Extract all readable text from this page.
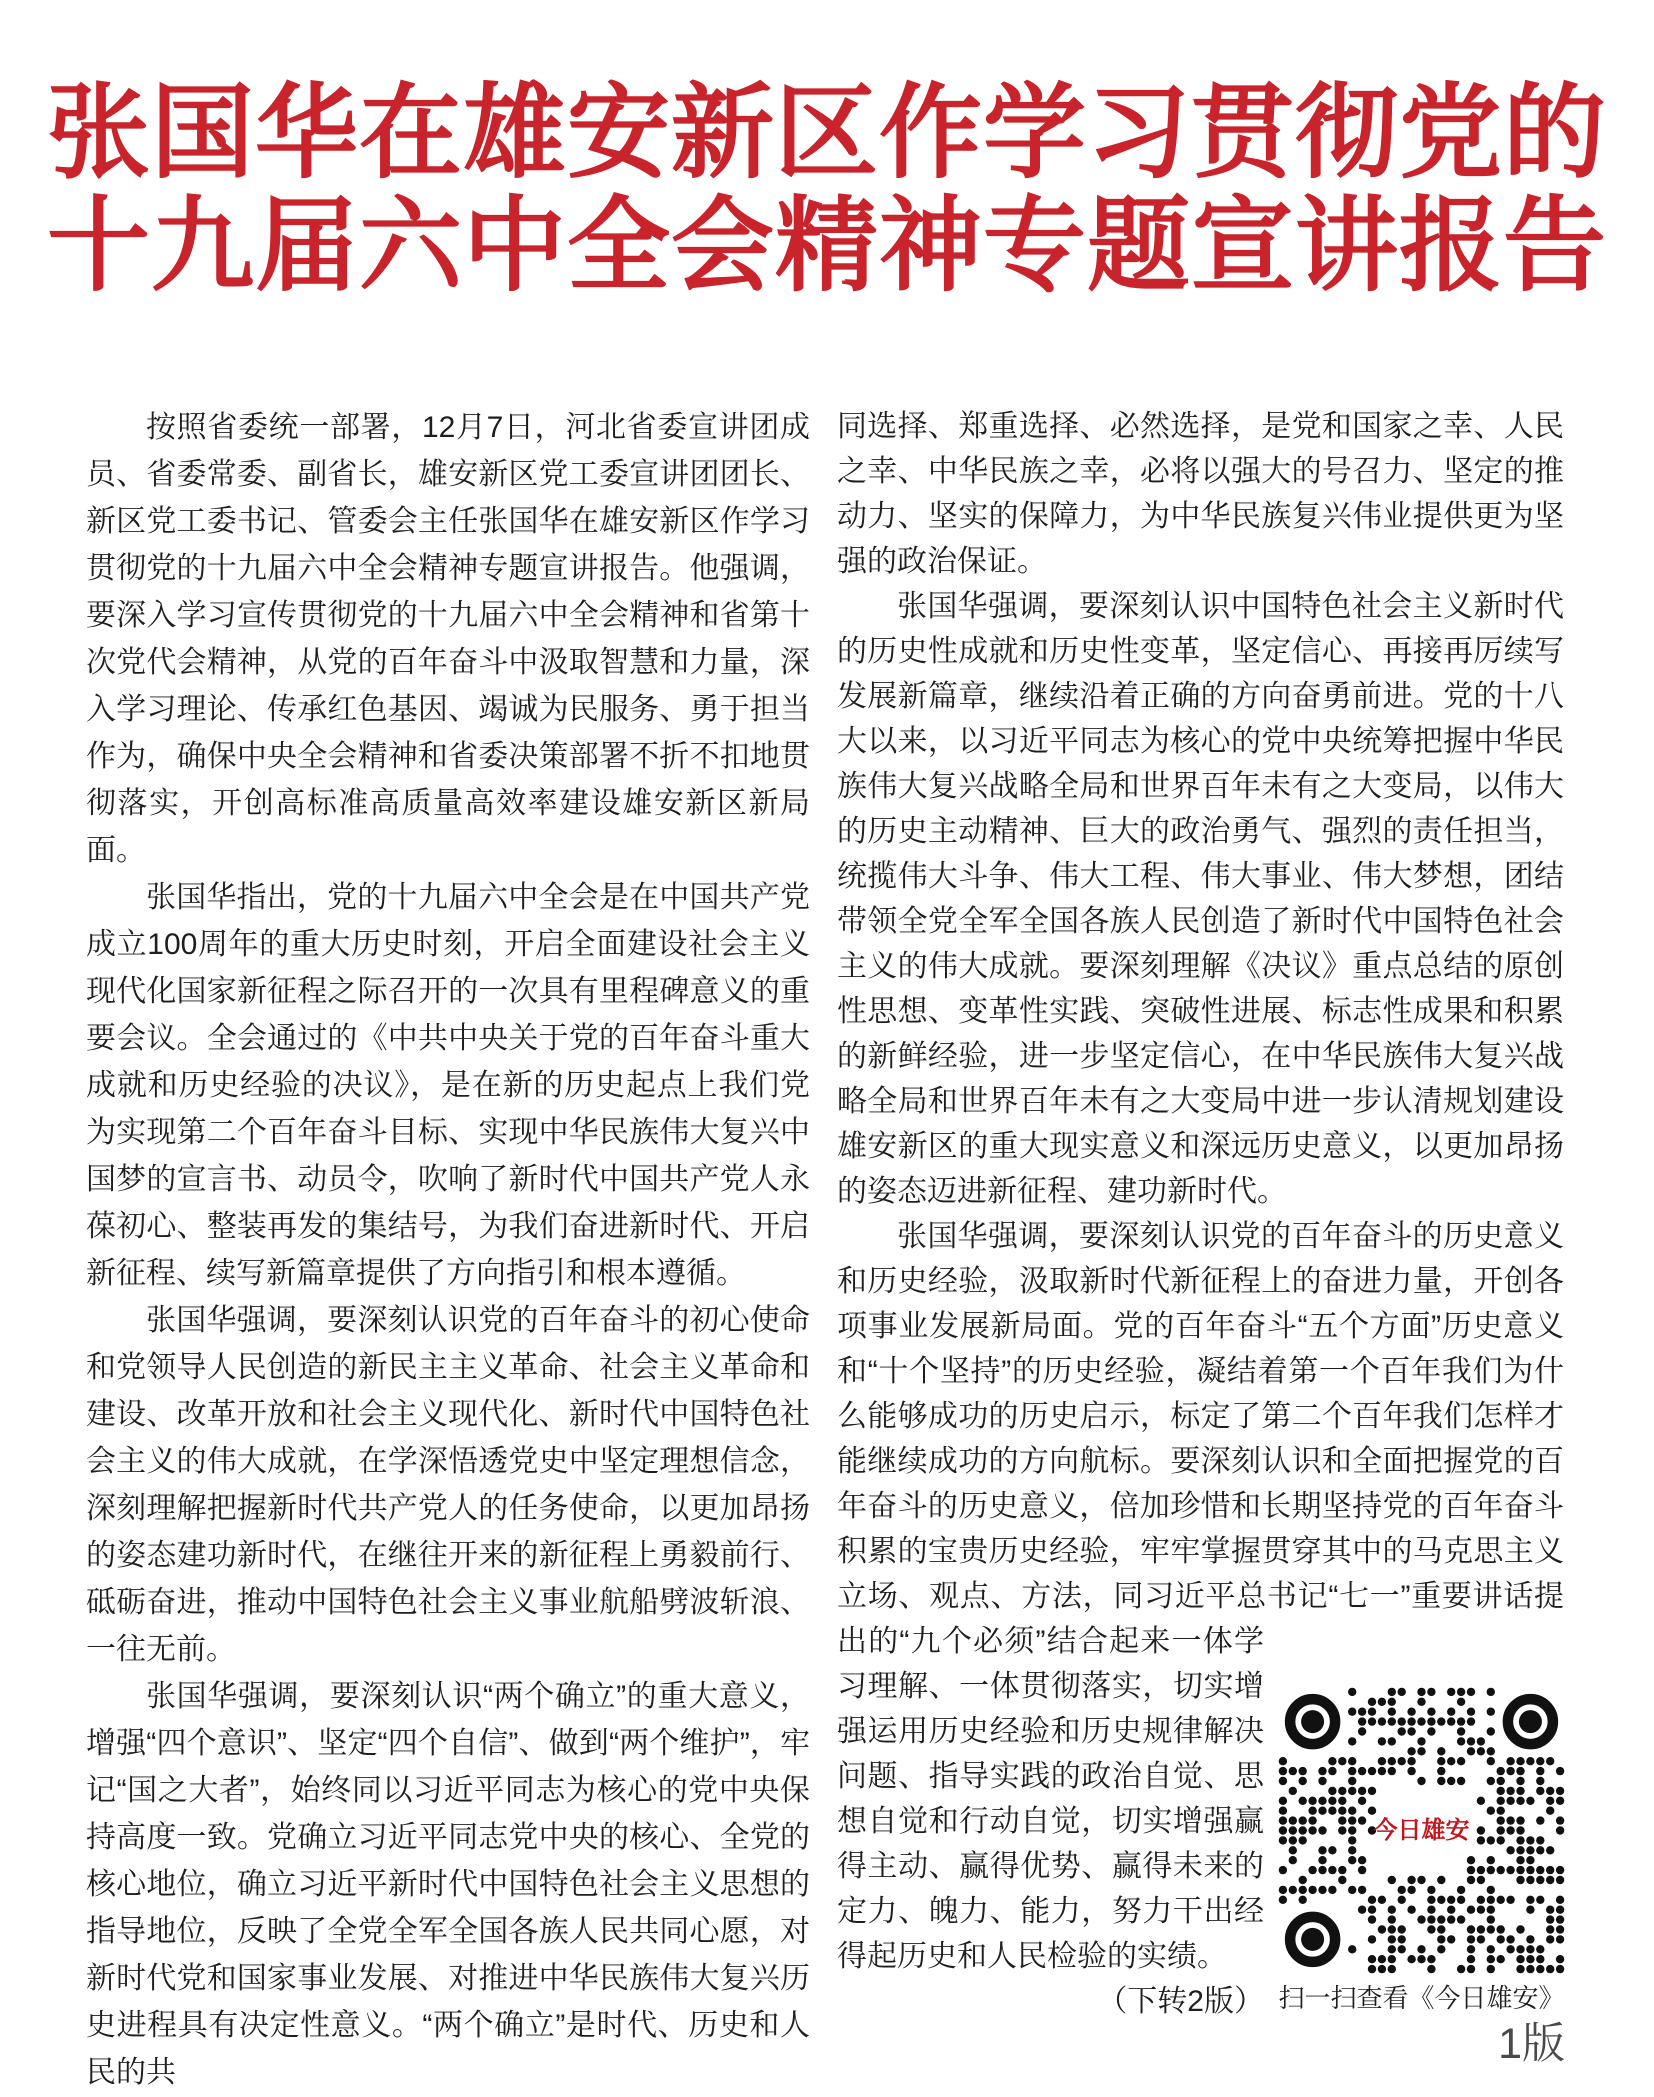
张国华在雄安新区作学习贯彻党的
十九届六中全会精神专题宣讲报告

按照省委统一部署，12月7日，河北省委宣讲团成员、省委常委、副省长，雄安新区党工委宣讲团团长、新区党工委书记、管委会主任张国华在雄安新区作学习贯彻党的十九届六中全会精神专题宣讲报告。他强调，要深入学习宣传贯彻党的十九届六中全会精神和省第十次党代会精神，从党的百年奋斗中汲取智慧和力量，深入学习理论、传承红色基因、竭诚为民服务、勇于担当作为，确保中央全会精神和省委决策部署不折不扣地贯彻落实，开创高标准高质量高效率建设雄安新区新局面。

张国华指出，党的十九届六中全会是在中国共产党成立100周年的重大历史时刻，开启全面建设社会主义现代化国家新征程之际召开的一次具有里程碑意义的重要会议。全会通过的《中共中央关于党的百年奋斗重大成就和历史经验的决议》，是在新的历史起点上我们党为实现第二个百年奋斗目标、实现中华民族伟大复兴中国梦的宣言书、动员令，吹响了新时代中国共产党人永葆初心、整装再发的集结号，为我们奋进新时代、开启新征程、续写新篇章提供了方向指引和根本遵循。

张国华强调，要深刻认识党的百年奋斗的初心使命和党领导人民创造的新民主主义革命、社会主义革命和建设、改革开放和社会主义现代化、新时代中国特色社会主义的伟大成就，在学深悟透党史中坚定理想信念，深刻理解把握新时代共产党人的任务使命，以更加昂扬的姿态建功新时代，在继往开来的新征程上勇毅前行、砥砺奋进，推动中国特色社会主义事业航船劈波斩浪、一往无前。

张国华强调，要深刻认识“两个确立”的重大意义，增强“四个意识”、坚定“四个自信”、做到“两个维护”，牢记“国之大者”，始终同以习近平同志为核心的党中央保持高度一致。党确立习近平同志党中央的核心、全党的核心地位，确立习近平新时代中国特色社会主义思想的指导地位，反映了全党全军全国各族人民共同心愿，对新时代党和国家事业发展、对推进中华民族伟大复兴历史进程具有决定性意义。“两个确立”是时代、历史和人民的共

同选择、郑重选择、必然选择，是党和国家之幸、人民之幸、中华民族之幸，必将以强大的号召力、坚定的推动力、坚实的保障力，为中华民族复兴伟业提供更为坚强的政治保证。

张国华强调，要深刻认识中国特色社会主义新时代的历史性成就和历史性变革，坚定信心、再接再厉续写发展新篇章，继续沿着正确的方向奋勇前进。党的十八大以来，以习近平同志为核心的党中央统筹把握中华民族伟大复兴战略全局和世界百年未有之大变局，以伟大的历史主动精神、巨大的政治勇气、强烈的责任担当，统揽伟大斗争、伟大工程、伟大事业、伟大梦想，团结带领全党全军全国各族人民创造了新时代中国特色社会主义的伟大成就。要深刻理解《决议》重点总结的原创性思想、变革性实践、突破性进展、标志性成果和积累的新鲜经验，进一步坚定信心，在中华民族伟大复兴战略全局和世界百年未有之大变局中进一步认清规划建设雄安新区的重大现实意义和深远历史意义，以更加昂扬的姿态迈进新征程、建功新时代。

张国华强调，要深刻认识党的百年奋斗的历史意义和历史经验，汲取新时代新征程上的奋进力量，开创各项事业发展新局面。党的百年奋斗“五个方面”历史意义和“十个坚持”的历史经验，凝结着第一个百年我们为什么能够成功的历史启示，标定了第二个百年我们怎样才能继续成功的方向航标。要深刻认识和全面把握党的百年奋斗的历史意义，倍加珍惜和长期坚持党的百年奋斗积累的宝贵历史经验，牢牢掌握贯穿其中的马克思主义立场、观点、方法，同习近平总书记“七一”重要讲话提出的“九个必须”结合起来一体学习理解、一体贯彻落实，切实增强运用历史经验和历史规律解决问题、指导实践的政治自觉、思想自觉和行动自觉，切实增强赢得主动、赢得优势、赢得未来的定力、魄力、能力，努力干出经得起历史和人民检验的实绩。

（下转2版）

今日雄安
扫一扫查看《今日雄安》
1版
